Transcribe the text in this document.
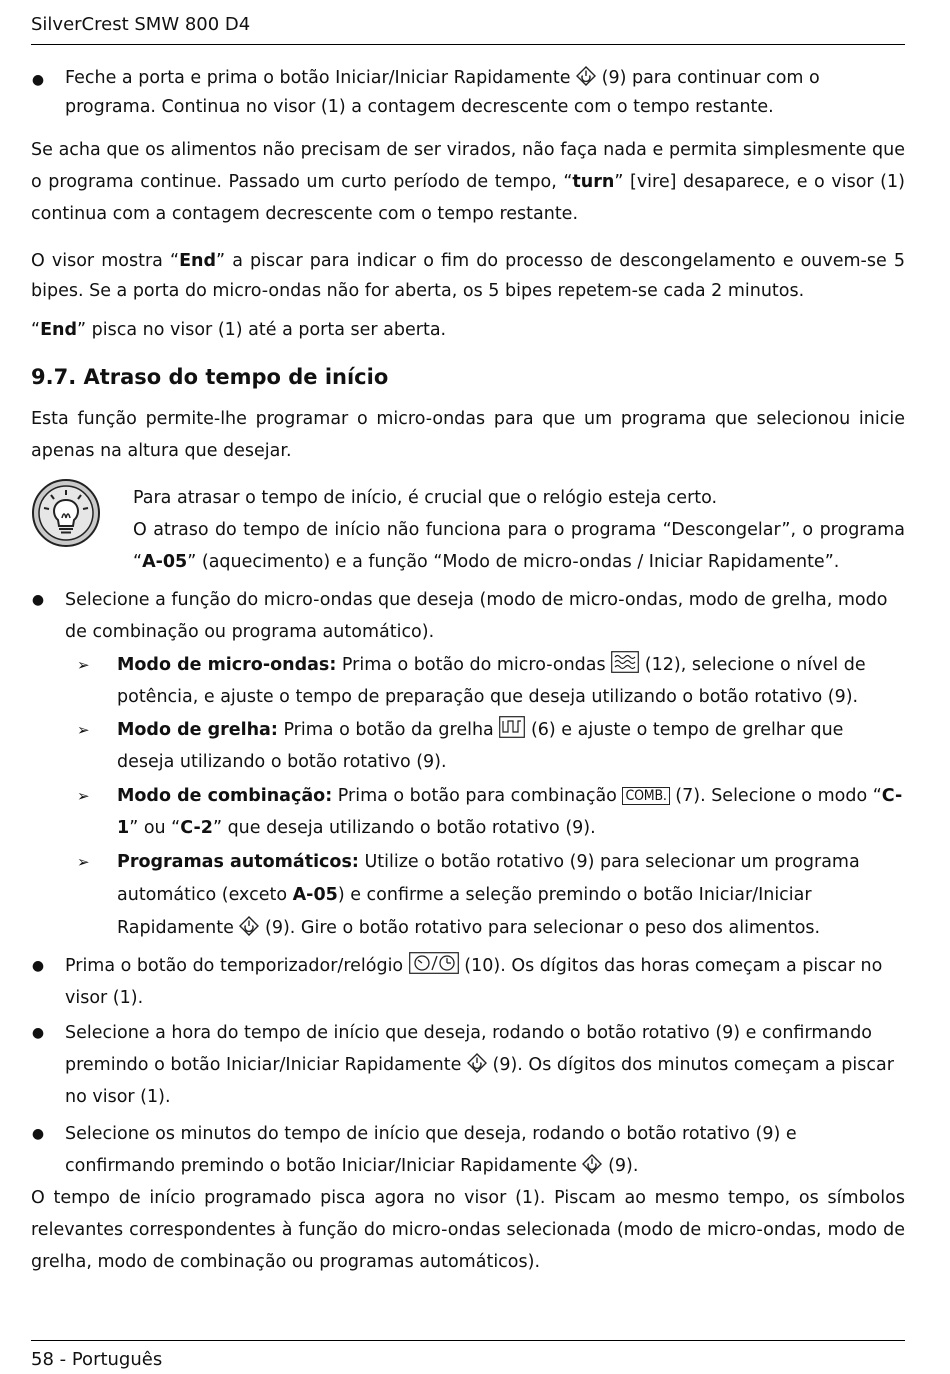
SilverCrest SMW 800 D4
● Feche a porta e prima o botão Iniciar/Iniciar Rapidamente (9) para continuar com o programa. Continua no visor (1) a contagem decrescente com o tempo restante.
Se acha que os alimentos não precisam de ser virados, não faça nada e permita simplesmente que o programa continue. Passado um curto período de tempo, “turn” [vire] desaparece, e o visor (1) continua com a contagem decrescente com o tempo restante.
O visor mostra “End” a piscar para indicar o fim do processo de descongelamento e ouvem-se 5 bipes. Se a porta do micro-ondas não for aberta, os 5 bipes repetem-se cada 2 minutos.
“End” pisca no visor (1) até a porta ser aberta.
9.7. Atraso do tempo de início
Esta função permite-lhe programar o micro-ondas para que um programa que selecionou inicie apenas na altura que desejar.
Para atrasar o tempo de início, é crucial que o relógio esteja certo.
O atraso do tempo de início não funciona para o programa “Descongelar”, o programa “A-05” (aquecimento) e a função “Modo de micro-ondas / Iniciar Rapidamente”.
● Selecione a função do micro-ondas que deseja (modo de micro-ondas, modo de grelha, modo de combinação ou programa automático).
➢ Modo de micro-ondas: Prima o botão do micro-ondas (12), selecione o nível de potência, e ajuste o tempo de preparação que deseja utilizando o botão rotativo (9).
➢ Modo de grelha: Prima o botão da grelha (6) e ajuste o tempo de grelhar que deseja utilizando o botão rotativo (9).
➢ Modo de combinação: Prima o botão para combinação COMB. (7). Selecione o modo “C-1” ou “C-2” que deseja utilizando o botão rotativo (9).
➢ Programas automáticos: Utilize o botão rotativo (9) para selecionar um programa automático (exceto A-05) e confirme a seleção premindo o botão Iniciar/Iniciar Rapidamente (9). Gire o botão rotativo para selecionar o peso dos alimentos.
● Prima o botão do temporizador/relógio	(10). Os dígitos das horas começam a piscar no visor (1).
● Selecione a hora do tempo de início que deseja, rodando o botão rotativo (9) e confirmando premindo o botão Iniciar/Iniciar Rapidamente (9). Os dígitos dos minutos começam a piscar no visor (1).
● Selecione os minutos do tempo de início que deseja, rodando o botão rotativo (9) e confirmando premindo o botão Iniciar/Iniciar Rapidamente (9).
O tempo de início programado pisca agora no visor (1). Piscam ao mesmo tempo, os símbolos relevantes correspondentes à função do micro-ondas selecionada (modo de micro-ondas, modo de grelha, modo de combinação ou programas automáticos).
58 - Português
